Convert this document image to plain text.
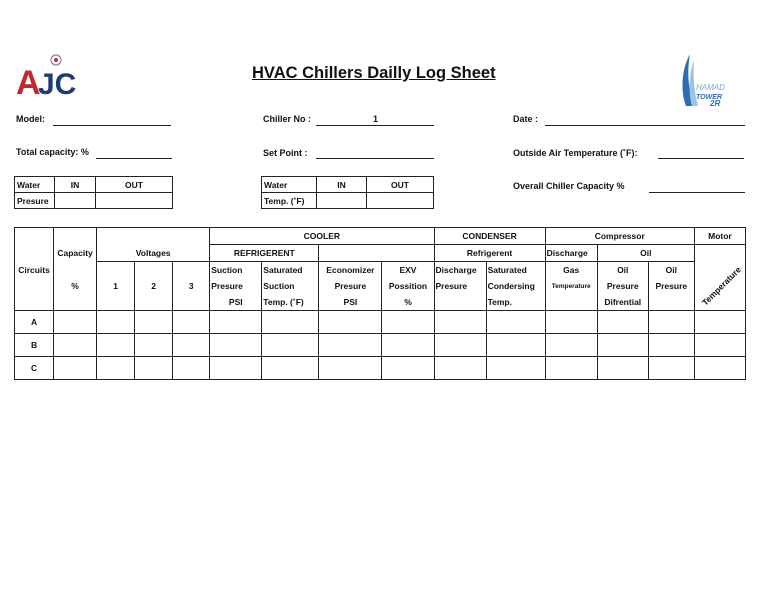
A
JC	HAMAD
TOWER
2R
HVAC Chillers Dailly Log Sheet
Model:	Chiller No :	1	Date :
Total capacity: %	Set Point :	Outside Air Temperature (˚F):
Water	IN	OUT
Presure		
Water	IN	OUT
Temp. (˚F)		
Overall Chiller Capacity %
					COOLER				CONDENSER		Compressor			Motor
	Capacity	Voltages			REFRIGERENT				Refrigerent		Discharge	Oil		
Circuits					Suction	Saturated	Economizer	EXV	Discharge	Saturated	Gas	Oil	Oil	Temperature
	%	1	2	3	Presure	Suction	Presure	Possition	Presure	Condersing	Temperature	Presure	Presure	
					PSI	Temp. (˚F)	PSI	%		Temp.		Difrential		
A														
B														
C														
